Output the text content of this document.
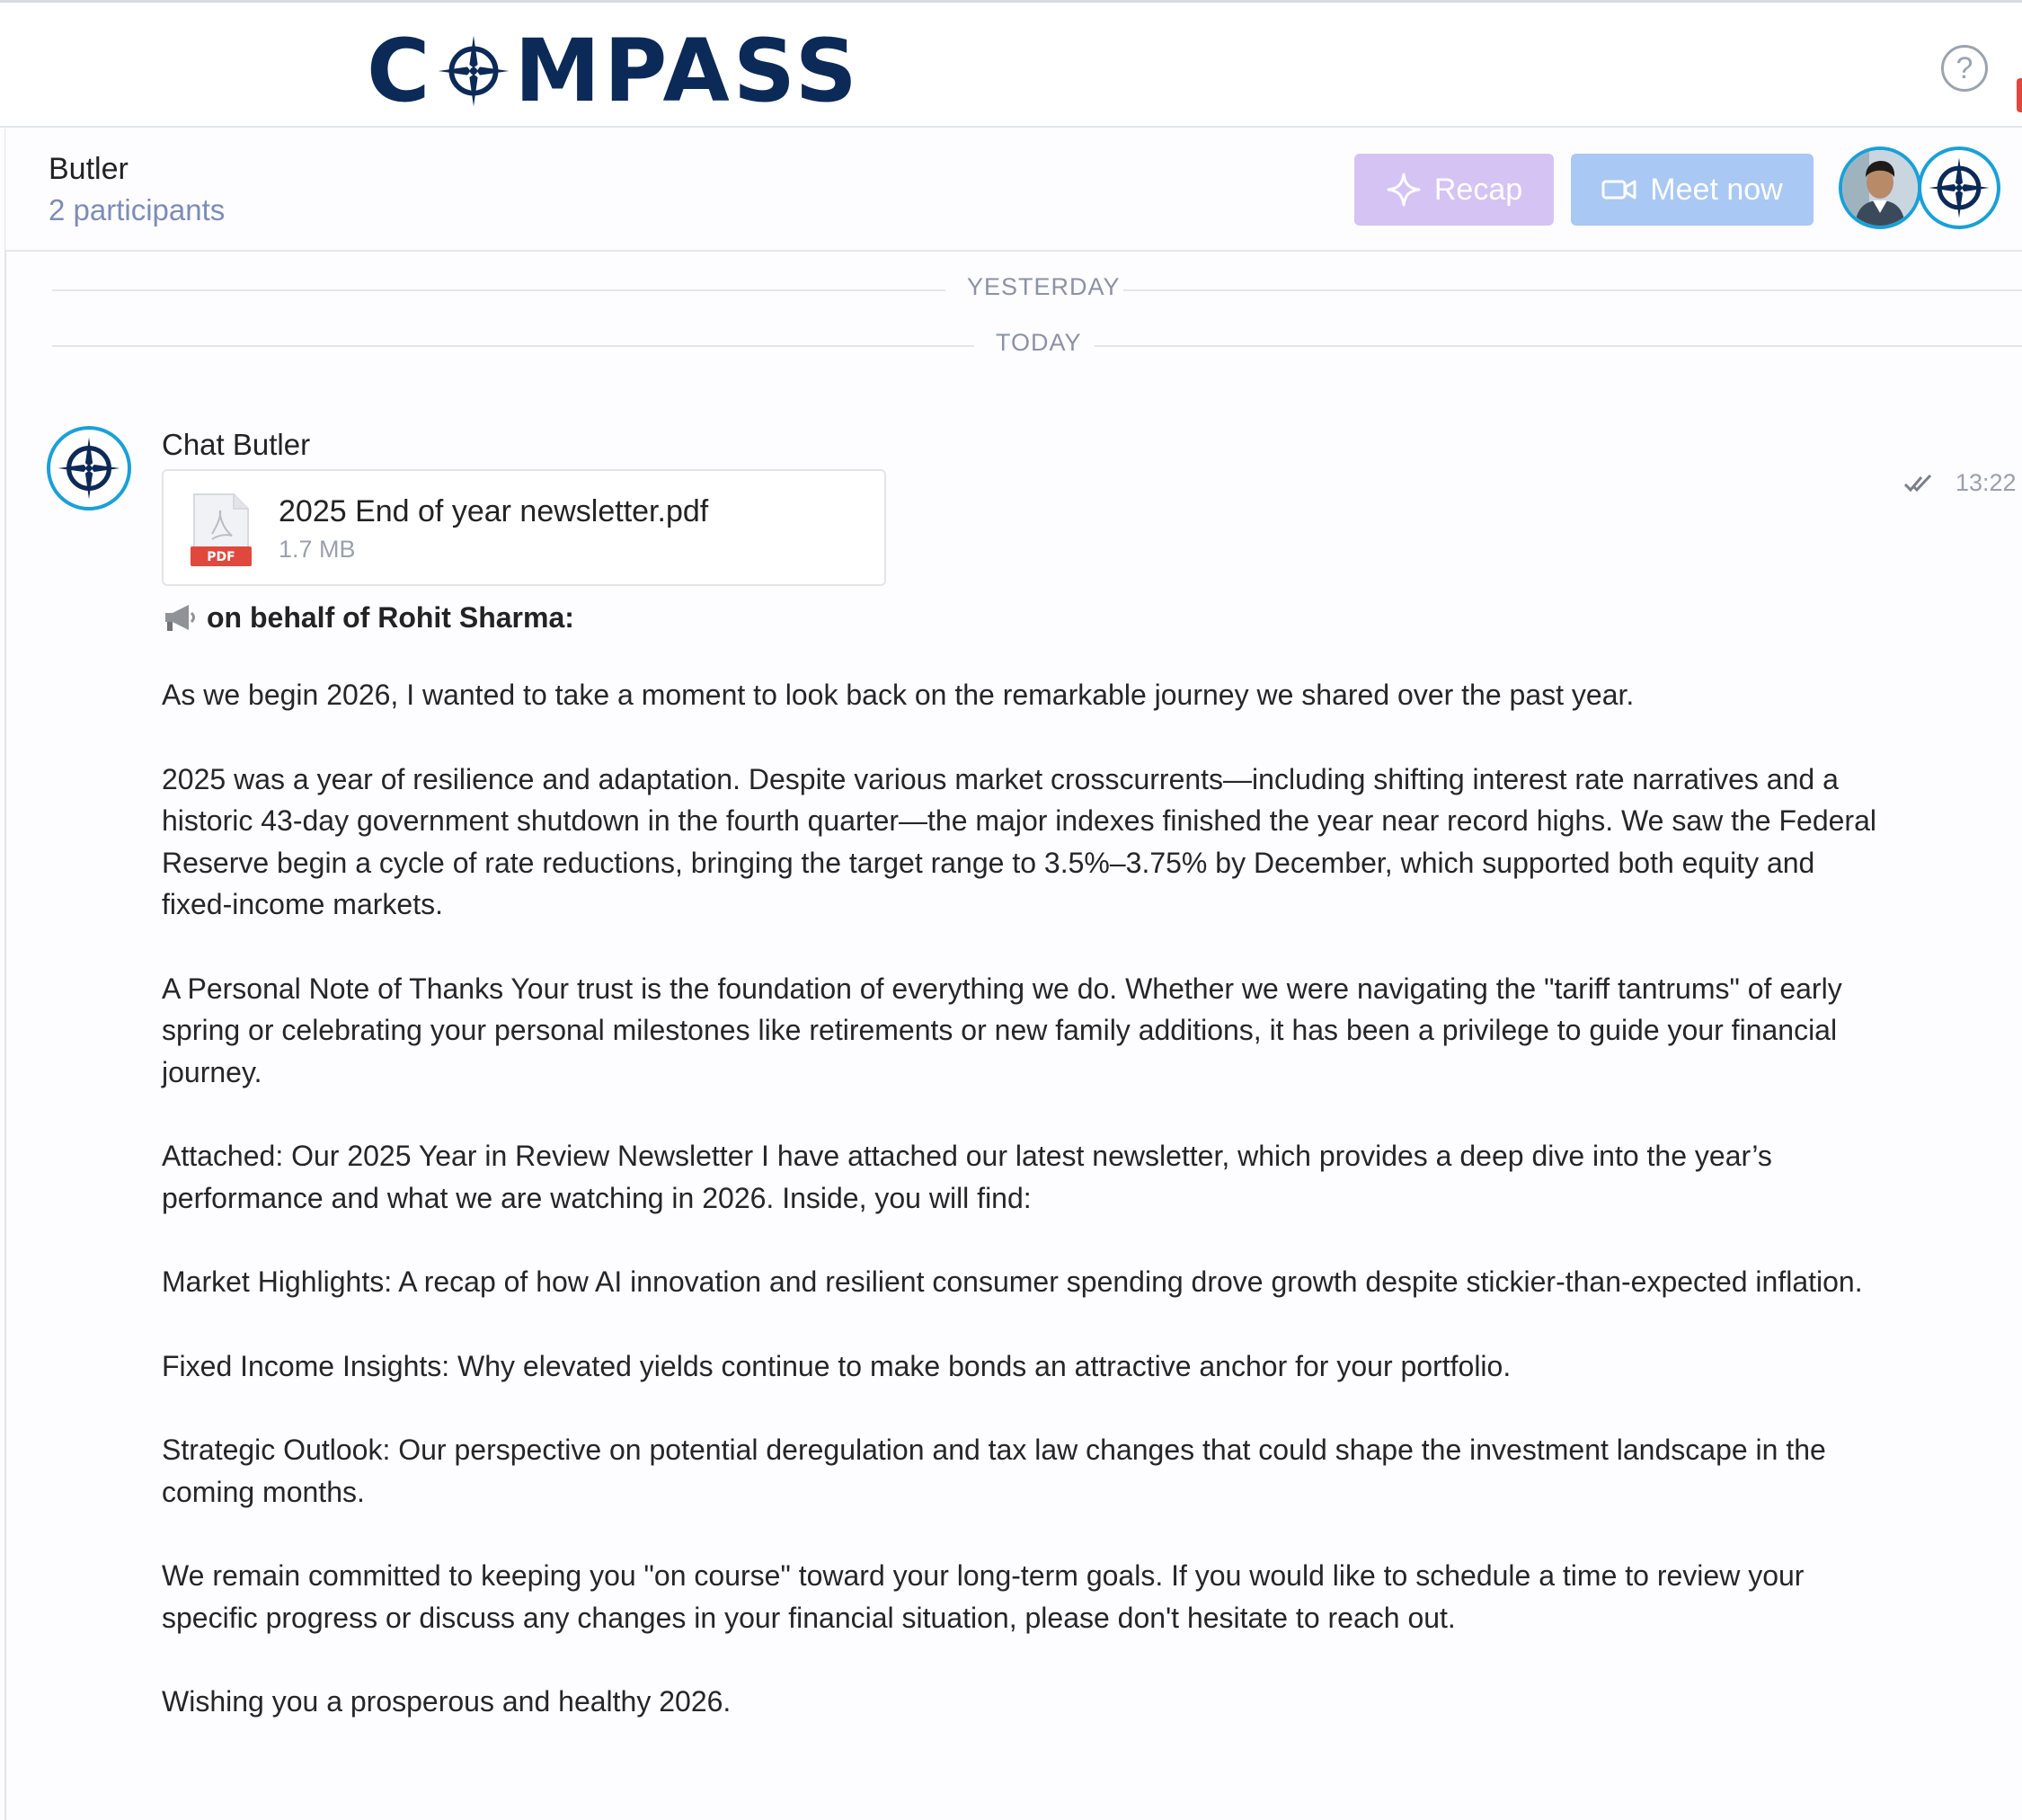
C MPASS	?
Butler
2 participants
Recap	Meet now
YESTERDAY
TODAY
Chat Butler
13:22
PDF
2025 End of year newsletter.pdf
1.7 MB
on behalf of Rohit Sharma:

As we begin 2026, I wanted to take a moment to look back on the remarkable journey we shared over the past year.

2025 was a year of resilience and adaptation. Despite various market crosscurrents—including shifting interest rate narratives and a historic 43-day government shutdown in the fourth quarter—the major indexes finished the year near record highs. We saw the Federal Reserve begin a cycle of rate reductions, bringing the target range to 3.5%–3.75% by December, which supported both equity and fixed-income markets.

A Personal Note of Thanks Your trust is the foundation of everything we do. Whether we were navigating the "tariff tantrums" of early spring or celebrating your personal milestones like retirements or new family additions, it has been a privilege to guide your financial journey.

Attached: Our 2025 Year in Review Newsletter I have attached our latest newsletter, which provides a deep dive into the year’s performance and what we are watching in 2026. Inside, you will find:

Market Highlights: A recap of how AI innovation and resilient consumer spending drove growth despite stickier-than-expected inflation.

Fixed Income Insights: Why elevated yields continue to make bonds an attractive anchor for your portfolio.

Strategic Outlook: Our perspective on potential deregulation and tax law changes that could shape the investment landscape in the coming months.

We remain committed to keeping you "on course" toward your long-term goals. If you would like to schedule a time to review your specific progress or discuss any changes in your financial situation, please don't hesitate to reach out.

Wishing you a prosperous and healthy 2026.
